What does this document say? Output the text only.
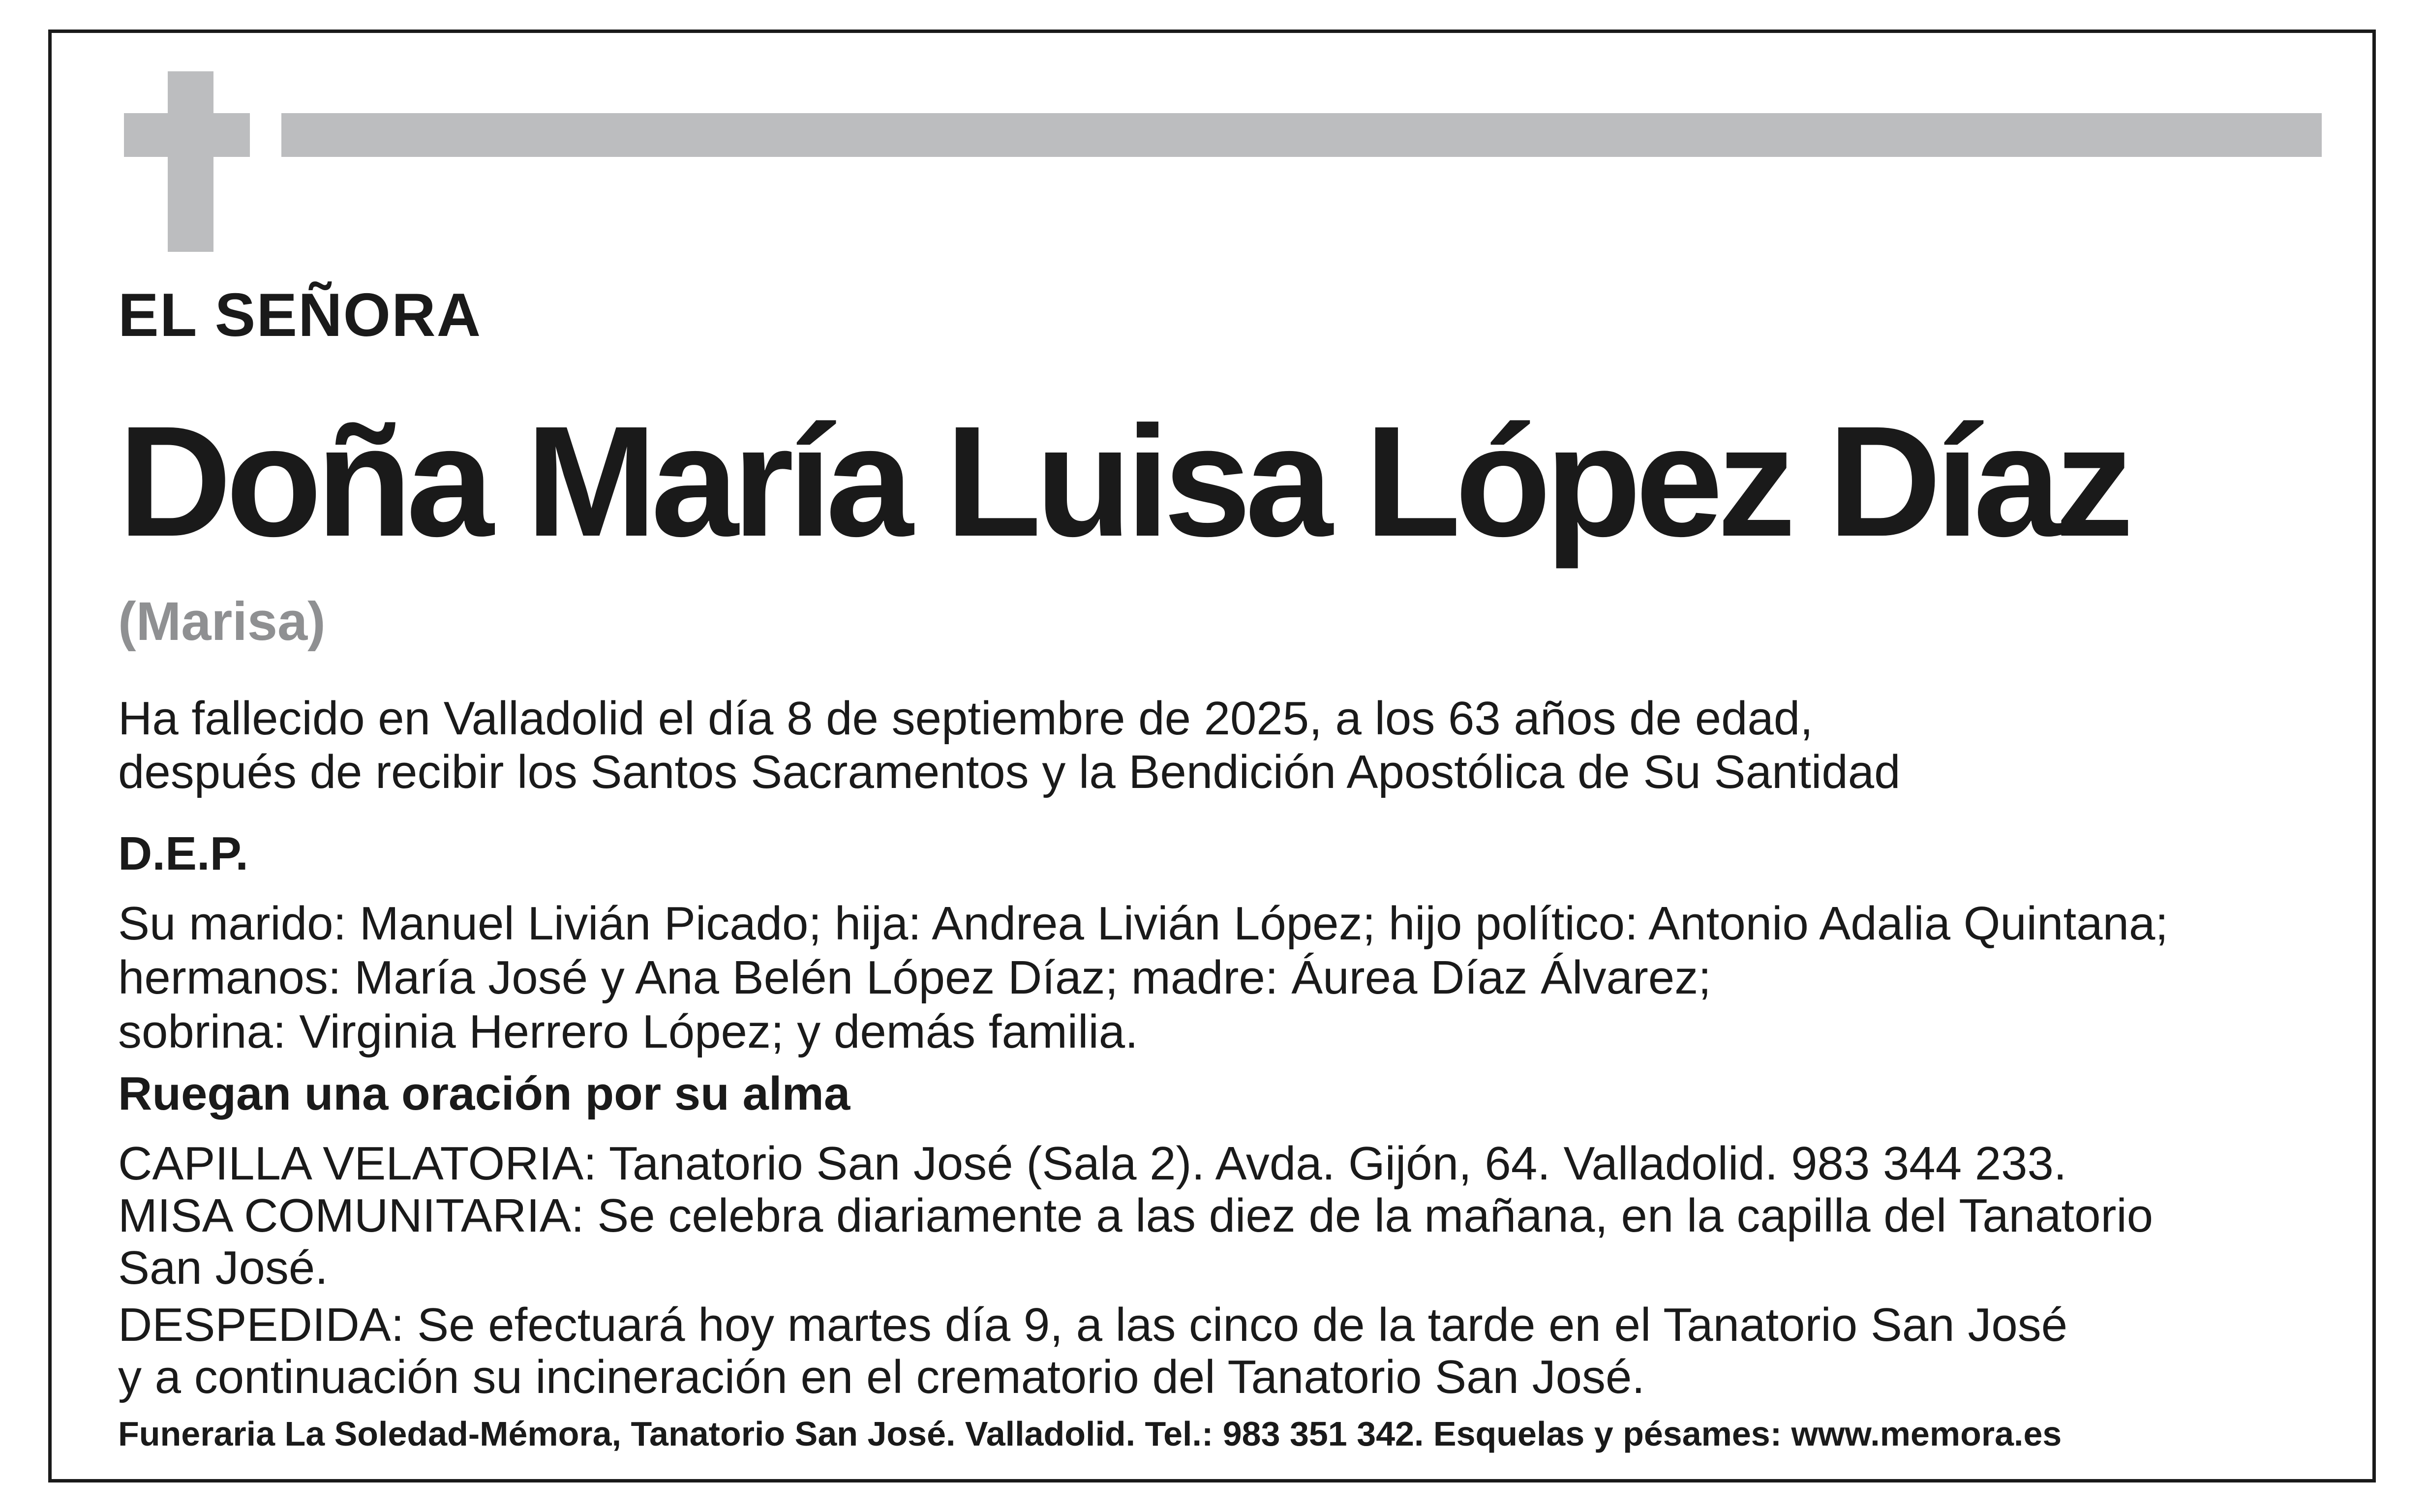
EL SEÑORA
Doña María Luisa López Díaz
(Marisa)
Ha fallecido en Valladolid el día 8 de septiembre de 2025, a los 63 años de edad,
después de recibir los Santos Sacramentos y la Bendición Apostólica de Su Santidad
D.E.P.
Su marido: Manuel Livián Picado; hija: Andrea Livián López; hijo político: Antonio Adalia Quintana;
hermanos: María José y Ana Belén López Díaz; madre: Áurea Díaz Álvarez;
sobrina: Virginia Herrero López; y demás familia.
Ruegan una oración por su alma
CAPILLA VELATORIA: Tanatorio San José (Sala 2). Avda. Gijón, 64. Valladolid. 983 344 233.
MISA COMUNITARIA: Se celebra diariamente a las diez de la mañana, en la capilla del Tanatorio
San José.
DESPEDIDA: Se efectuará hoy martes día 9, a las cinco de la tarde en el Tanatorio San José
y a continuación su incineración en el crematorio del Tanatorio San José.
Funeraria La Soledad-Mémora, Tanatorio San José. Valladolid. Tel.: 983 351 342. Esquelas y pésames: www.memora.es
